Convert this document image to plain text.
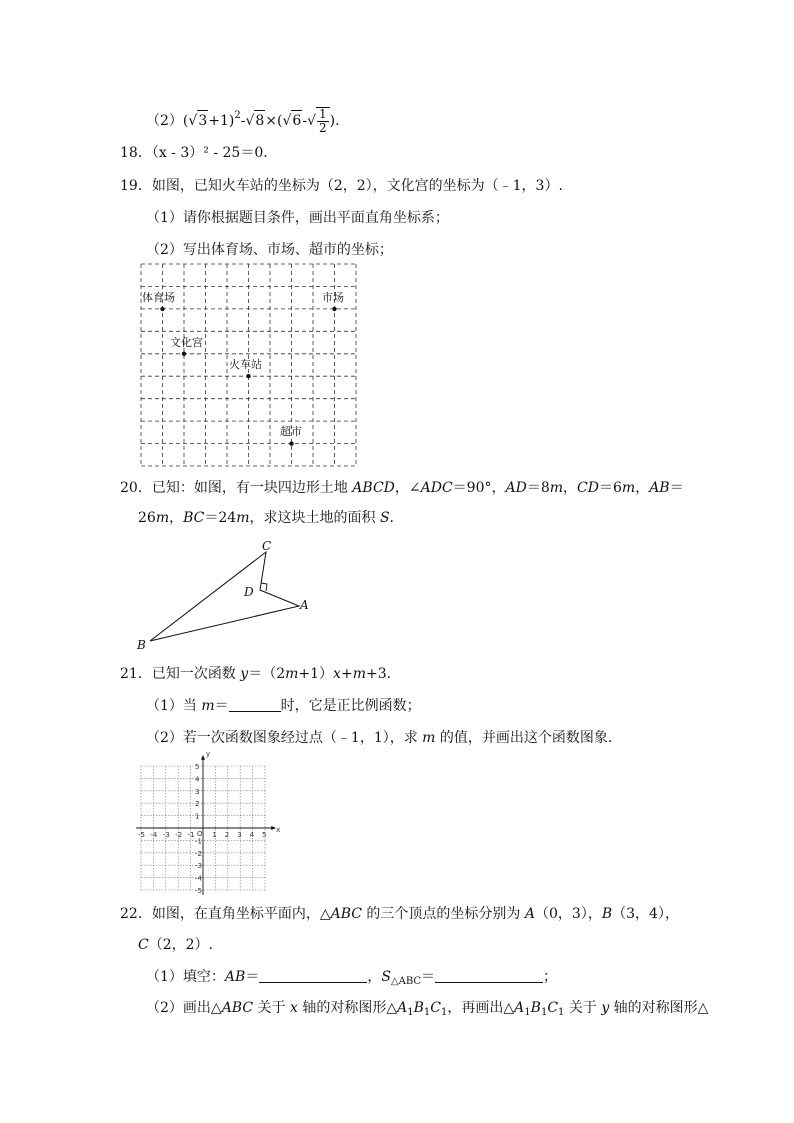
$(2)(√3+1)^2-√8\times(√6-√ \frac{1}{2}$ ).
18．（x - 3）² - 25＝0.
19．如图，已知火车站的坐标为（2，2），文化宫的坐标为（﹣1，3）.
（1）请你根据题目条件，画出平面直角坐标系；
（2）写出体育场、市场、超市的坐标；
体育场	市场
文化宫
火车站
超市
20．已知：如图，有一块四边形土地 ABCD，∠ADC＝90°，AD＝8m，CD＝6m，AB＝
26m，BC＝24m，求这块土地的面积 S.
C
D
A
B
21．已知一次函数 y＝（2m+1）x+m+3.
（1）当 m＝	时，它是正比例函数；
（2）若一次函数图象经过点（﹣1，1），求 m 的值，并画出这个函数图象.
x
y
O
-5 -4 -3 -2 -1	1 2 3 4 5
5
4
3
2
1
-1
-2
-3
-4
-5
22．如图，在直角坐标平面内，△ABC 的三个顶点的坐标分别为 A（0，3），B（3，4），
C（2，2）.
（1）填空：AB＝	，$S_{\triangle ABC}=$	；
（2）画出△ABC 关于 x 轴的对称图形$\triangle A_1B_1C_1$，再画出$\triangle A_1B_1C_1$ 关于 y 轴的对称图形△
